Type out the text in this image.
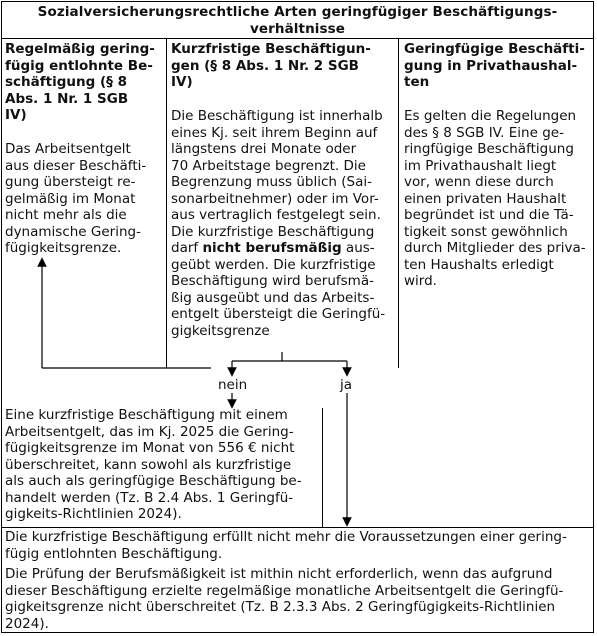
Sozialversicherungsrechtliche Arten geringfügiger Beschäftigungs-
verhältnisse
Regelmäßig gering-
fügig entlohnte Be-
schäftigung (§ 8
Abs. 1 Nr. 1 SGB
IV)
Das Arbeitsentgelt
aus dieser Beschäfti-
gung übersteigt re-
gelmäßig im Monat
nicht mehr als die
dynamische Gering-
fügigkeitsgrenze.
Kurzfristige Beschäftigun-
gen (§ 8 Abs. 1 Nr. 2 SGB
IV)
Die Beschäftigung ist innerhalb
eines Kj. seit ihrem Beginn auf
längstens drei Monate oder
70 Arbeitstage begrenzt. Die
Begrenzung muss üblich (Sai-
sonarbeitnehmer) oder im Vor-
aus vertraglich festgelegt sein.
Die kurzfristige Beschäftigung
darf nicht berufsmäßig aus-
geübt werden. Die kurzfristige
Beschäftigung wird berufsmä-
ßig ausgeübt und das Arbeits-
entgelt übersteigt die Geringfü-
gigkeitsgrenze
Geringfügige Beschäfti-
gung in Privathaushal-
ten
Es gelten die Regelungen
des § 8 SGB IV. Eine ge-
ringfügige Beschäftigung
im Privathaushalt liegt
vor, wenn diese durch
einen privaten Haushalt
begründet ist und die Tä-
tigkeit sonst gewöhnlich
durch Mitglieder des priva-
ten Haushalts erledigt
wird.
nein	ja
Eine kurzfristige Beschäftigung mit einem
Arbeitsentgelt, das im Kj. 2025 die Gering-
fügigkeitsgrenze im Monat von 556 € nicht
überschreitet, kann sowohl als kurzfristige
als auch als geringfügige Beschäftigung be-
handelt werden (Tz. B 2.4 Abs. 1 Geringfü-
gigkeits-Richtlinien 2024).
Die kurzfristige Beschäftigung erfüllt nicht mehr die Voraussetzungen einer gering-
fügig entlohnten Beschäftigung.
Die Prüfung der Berufsmäßigkeit ist mithin nicht erforderlich, wenn das aufgrund
dieser Beschäftigung erzielte regelmäßige monatliche Arbeitsentgelt die Geringfü-
gigkeitsgrenze nicht überschreitet (Tz. B 2.3.3 Abs. 2 Geringfügigkeits-Richtlinien
2024).
